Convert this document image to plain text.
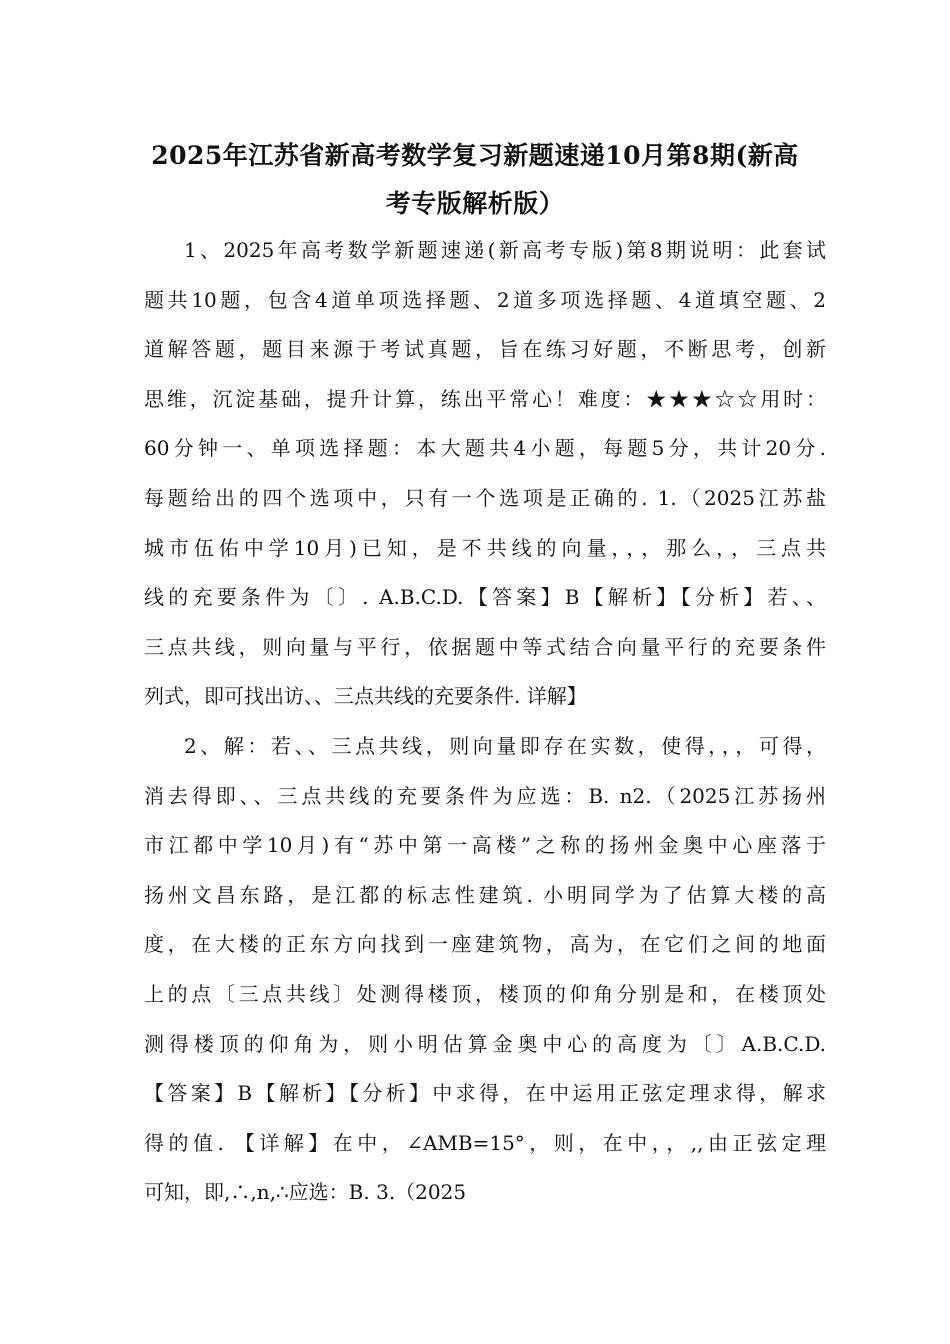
2025年江苏省新高考数学复习新题速递10月第8期(新高
考专版解析版）
1、2025年高考数学新题速递(新高考专版)第8期说明：此套试
题共10题，包含4道单项选择题、2道多项选择题、4道填空题、2
道解答题，题目来源于考试真题，旨在练习好题，不断思考，创新
思维，沉淀基础，提升计算，练出平常心！难度：★★★☆☆用时：
60分钟一、单项选择题：本大题共4小题，每题5分，共计20分.
每题给出的四个选项中，只有一个选项是正确的. 1.（2025江苏盐
城市伍佑中学10月)已知，是不共线的向量，，，那么，，三点共
线的充要条件为〔〕. A.B.C.D.【答案】B【解析】【分析】若、、
三点共线，则向量与平行，依据题中等式结合向量平行的充要条件
列式，即可找出访、、三点共线的充要条件. 详解】
2、解：若、、三点共线，则向量即存在实数，使得，，，可得，
消去得即、、三点共线的充要条件为应选：B. n2.（2025江苏扬州
市江都中学10月)有“苏中第一高楼”之称的扬州金奥中心座落于
扬州文昌东路，是江都的标志性建筑. 小明同学为了估算大楼的高
度，在大楼的正东方向找到一座建筑物，高为，在它们之间的地面
上的点〔三点共线〕处测得楼顶，楼顶的仰角分别是和，在楼顶处
测得楼顶的仰角为，则小明估算金奥中心的高度为〔〕A.B.C.D.
【答案】B【解析】【分析】中求得，在中运用正弦定理求得，解求
得的值. 【详解】在中，∠AMB=15°，则，在中，，,,由正弦定理
可知，即,∴,n,∴应选：B. 3.（2025
